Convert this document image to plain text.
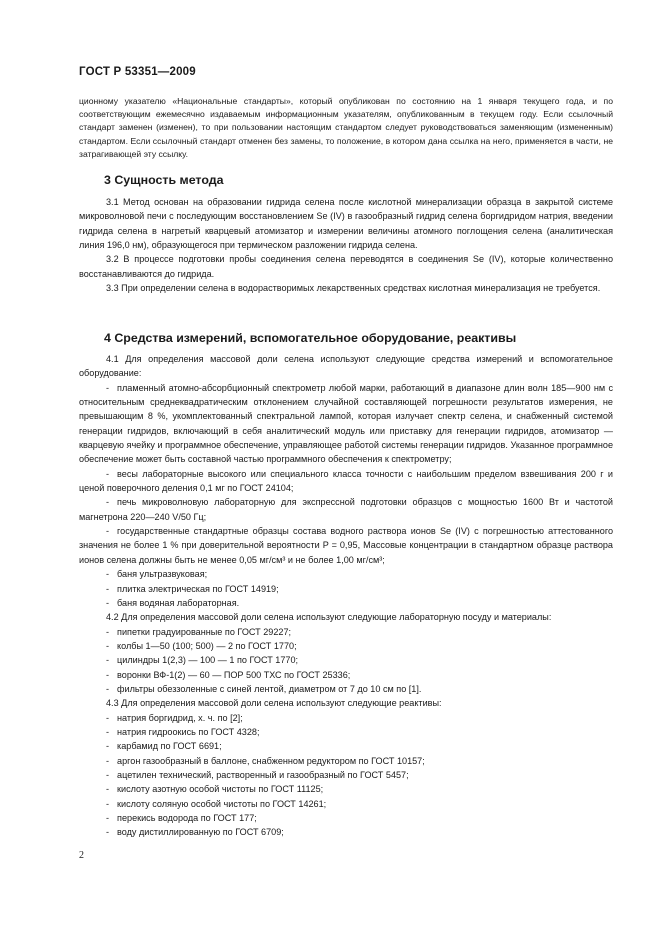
ГОСТ Р 53351—2009

ционному указателю «Национальные стандарты», который опубликован по состоянию на 1 января текущего года, и по соответствующим ежемесячно издаваемым информационным указателям, опубликованным в текущем году. Если ссылочный стандарт заменен (изменен), то при пользовании настоящим стандартом следует руководствоваться заменяющим (измененным) стандартом. Если ссылочный стандарт отменен без замены, то положение, в котором дана ссылка на него, применяется в части, не затрагивающей эту ссылку.

3 Сущность метода

3.1 Метод основан на образовании гидрида селена после кислотной минерализации образца в закрытой системе микроволновой печи с последующим восстановлением Se (IV) в газообразный гидрид селена боргидридом натрия, введении гидрида селена в нагретый кварцевый атомизатор и измерении величины атомного поглощения селена (аналитическая линия 196,0 нм), образующегося при термическом разложении гидрида селена.

3.2 В процессе подготовки пробы соединения селена переводятся в соединения Se (IV), которые количественно восстанавливаются до гидрида.

3.3 При определении селена в водорастворимых лекарственных средствах кислотная минерализация не требуется.

4 Средства измерений, вспомогательное оборудование, реактивы

4.1 Для определения массовой доли селена используют следующие средства измерений и вспомогательное оборудование:

- пламенный атомно-абсорбционный спектрометр любой марки, работающий в диапазоне длин волн 185—900 нм с относительным среднеквадратическим отклонением случайной составляющей погрешности результатов измерения, не превышающим 8 %, укомплектованный спектральной лампой, которая излучает спектр селена, и снабженный системой генерации гидридов, включающий в себя аналитический модуль или приставку для генерации гидридов, атомизатор — кварцевую ячейку и программное обеспечение, управляющее работой системы генерации гидридов. Указанное программное обеспечение может быть составной частью программного обеспечения к спектрометру;
- весы лабораторные высокого или специального класса точности с наибольшим пределом взвешивания 200 г и ценой поверочного деления 0,1 мг по ГОСТ 24104;
- печь микроволновую лабораторную для экспрессной подготовки образцов с мощностью 1600 Вт и частотой магнетрона 220—240 V/50 Гц;
- государственные стандартные образцы состава водного раствора ионов Se (IV) с погрешностью аттестованного значения не более 1 % при доверительной вероятности P = 0,95, Массовые концентрации в стандартном образце раствора ионов селена должны быть не менее 0,05 мг/см³ и не более 1,00 мг/см³;
- баня ультразвуковая;
- плитка электрическая по ГОСТ 14919;
- баня водяная лабораторная.

4.2 Для определения массовой доли селена используют следующие лабораторную посуду и материалы:

- пипетки градуированные по ГОСТ 29227;
- колбы 1—50 (100; 500) — 2 по ГОСТ 1770;
- цилиндры 1(2,3) — 100 — 1 по ГОСТ 1770;
- воронки ВФ-1(2) — 60 — ПОР 500 ТХС по ГОСТ 25336;
- фильтры обеззоленные с синей лентой, диаметром от 7 до 10 см по [1].

4.3 Для определения массовой доли селена используют следующие реактивы:

- натрия боргидрид, х. ч. по [2];
- натрия гидроокись по ГОСТ 4328;
- карбамид по ГОСТ 6691;
- аргон газообразный в баллоне, снабженном редуктором по ГОСТ 10157;
- ацетилен технический, растворенный и газообразный по ГОСТ 5457;
- кислоту азотную особой чистоты по ГОСТ 11125;
- кислоту соляную особой чистоты по ГОСТ 14261;
- перекись водорода по ГОСТ 177;
- воду дистиллированную по ГОСТ 6709;
2
